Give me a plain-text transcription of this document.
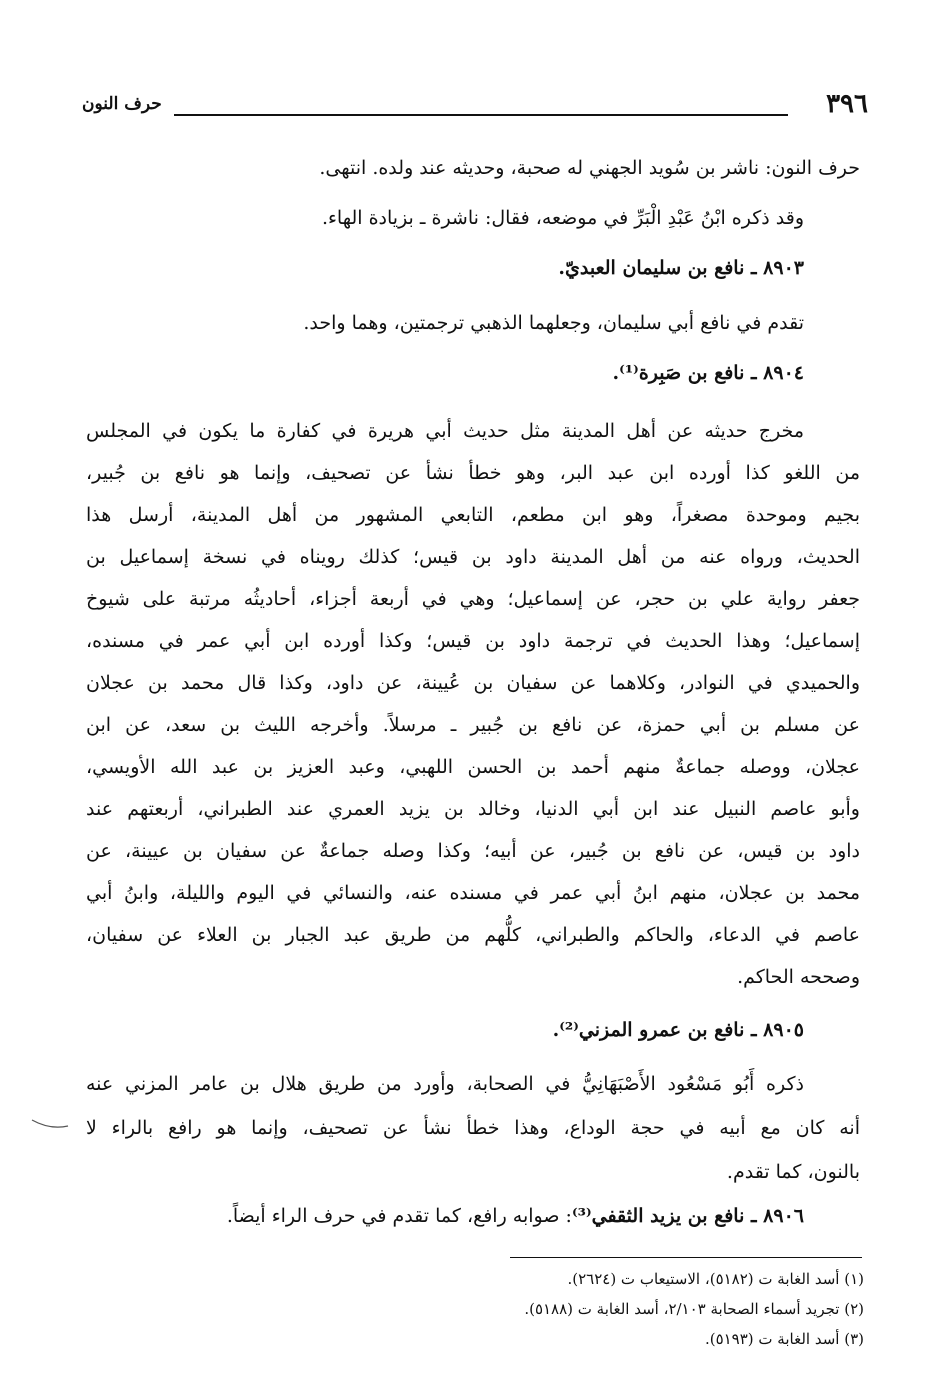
٣٩٦
حرف النون
حرف النون: ناشر بن سُويد الجهني له صحبة، وحديثه عند ولده. انتهى.
وقد ذكره ابْنُ عَبْدِ الْبَرِّ في موضعه، فقال: ناشرة ـ بزيادة الهاء.
٨٩٠٣ ـ نافع بن سليمان العبديّ.
تقدم في نافع أبي سليمان، وجعلهما الذهبي ترجمتين، وهما واحد.
٨٩٠٤ ـ نافع بن صَبِرة⁽¹⁾.
مخرج حديثه عن أهل المدينة مثل حديث أبي هريرة في كفارة ما يكون في المجلس
من اللغو كذا أورده ابن عبد البر، وهو خطأ نشأ عن تصحيف، وإنما هو نافع بن جُبير،
بجيم وموحدة مصغراً، وهو ابن مطعم، التابعي المشهور من أهل المدينة، أرسل هذا
الحديث، ورواه عنه من أهل المدينة داود بن قيس؛ كذلك رويناه في نسخة إسماعيل بن
جعفر رواية علي بن حجر، عن إسماعيل؛ وهي في أربعة أجزاء، أحاديثُه مرتبة على شيوخ
إسماعيل؛ وهذا الحديث في ترجمة داود بن قيس؛ وكذا أورده ابن أبي عمر في مسنده،
والحميدي في النوادر، وكلاهما عن سفيان بن عُيينة، عن داود، وكذا قال محمد بن عجلان
عن مسلم بن أبي حمزة، عن نافع بن جُبير ـ مرسلاً. وأخرجه الليث بن سعد، عن ابن
عجلان، ووصله جماعةٌ منهم أحمد بن الحسن اللهبي، وعبد العزيز بن عبد الله الأويسي،
وأبو عاصم النبيل عند ابن أبي الدنيا، وخالد بن يزيد العمري عند الطبراني، أربعتهم عند
داود بن قيس، عن نافع بن جُبير، عن أبيه؛ وكذا وصله جماعةٌ عن سفيان بن عيينة، عن
محمد بن عجلان، منهم ابنُ أبي عمر في مسنده عنه، والنسائي في اليوم والليلة، وابنُ أبي
عاصم في الدعاء، والحاكم والطبراني، كلُّهم من طريق عبد الجبار بن العلاء عن سفيان،
وصححه الحاكم.
٨٩٠٥ ـ نافع بن عمرو المزني⁽²⁾.
ذكره أَبُو مَسْعُود الأَصْبَهَانِيُّ في الصحابة، وأورد من طريق هلال بن عامر المزني عنه
أنه كان مع أبيه في حجة الوداع، وهذا خطأ نشأ عن تصحيف، وإنما هو رافع بالراء لا
بالنون، كما تقدم.
٨٩٠٦ ـ نافع بن يزيد الثقفي⁽³⁾: صوابه رافع، كما تقدم في حرف الراء أيضاً.
(١) أسد الغابة ت (٥١٨٢)، الاستيعاب ت (٢٦٢٤).
(٢) تجريد أسماء الصحابة ٢/١٠٣، أسد الغابة ت (٥١٨٨).
(٣) أسد الغابة ت (٥١٩٣).
